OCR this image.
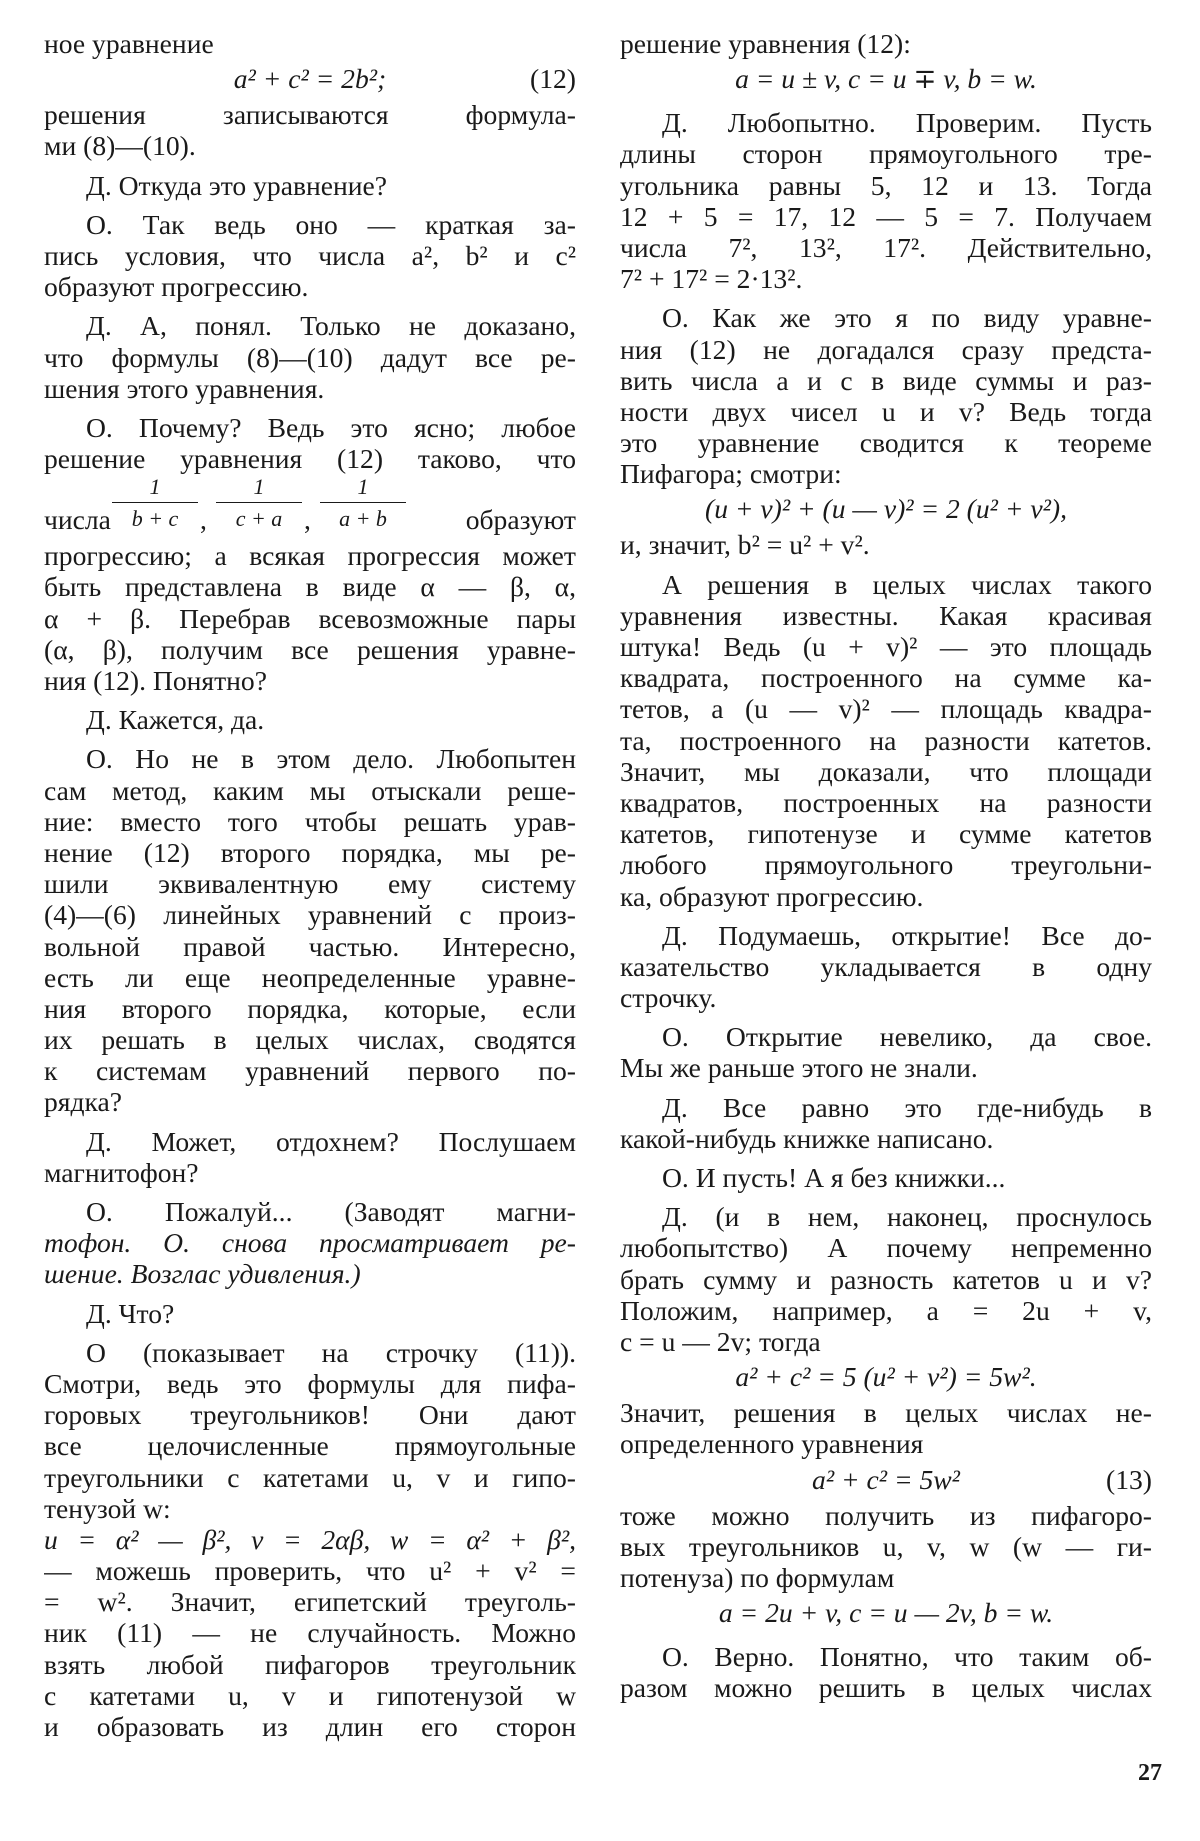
ное уравнение
a² + c² = 2b²;	(12)
решения записываются формула-
ми (8)—(10).
Д. Откуда это уравнение?
О. Так ведь оно — краткая за-
пись условия, что числа a², b² и c²
образуют прогрессию.
Д. А, понял. Только не доказано,
что формулы (8)—(10) дадут все ре-
шения этого уравнения.
О. Почему? Ведь это ясно; любое
решение уравнения (12) таково, что
числа $\frac{1}{b + c}$ , $\frac{1}{c + a}$ , $\frac{1}{a + b}$ образуют
прогрессию; а всякая прогрессия может
быть представлена в виде α — β, α,
α + β. Перебрав всевозможные пары
(α, β), получим все решения уравне-
ния (12). Понятно?
Д. Кажется, да.
О. Но не в этом дело. Любопытен
сам метод, каким мы отыскали реше-
ние: вместо того чтобы решать урав-
нение (12) второго порядка, мы ре-
шили эквивалентную ему систему
(4)—(6) линейных уравнений с произ-
вольной правой частью. Интересно,
есть ли еще неопределенные уравне-
ния второго порядка, которые, если
их решать в целых числах, сводятся
к системам уравнений первого по-
рядка?
Д. Может, отдохнем? Послушаем
магнитофон?
О. Пожалуй... (Заводят магни-
тофон. О. снова просматривает ре-
шение. Возглас удивления.)
Д. Что?
О (показывает на строчку (11)).
Смотри, ведь это формулы для пифа-
горовых треугольников! Они дают
все целочисленные прямоугольные
треугольники с катетами u, v и гипо-
тенузой w:
u = α² — β², v = 2αβ, w = α² + β²,
— можешь проверить, что u² + v² =
= w². Значит, египетский треуголь-
ник (11) — не случайность. Можно
взять любой пифагоров треугольник
с катетами u, v и гипотенузой w
и образовать из длин его сторон
решение уравнения (12):
a = u ± v, c = u ∓ v, b = w.
Д. Любопытно. Проверим. Пусть
длины сторон прямоугольного тре-
угольника равны 5, 12 и 13. Тогда
12 + 5 = 17, 12 — 5 = 7. Получаем
числа 7², 13², 17². Действительно,
7² + 17² = 2·13².
О. Как же это я по виду уравне-
ния (12) не догадался сразу предста-
вить числа a и c в виде суммы и раз-
ности двух чисел u и v? Ведь тогда
это уравнение сводится к теореме
Пифагора; смотри:
(u + v)² + (u — v)² = 2 (u² + v²),
и, значит, b² = u² + v².
А решения в целых числах такого
уравнения известны. Какая красивая
штука! Ведь (u + v)² — это площадь
квадрата, построенного на сумме ка-
тетов, а (u — v)² — площадь квадра-
та, построенного на разности катетов.
Значит, мы доказали, что площади
квадратов, построенных на разности
катетов, гипотенузе и сумме катетов
любого прямоугольного треугольни-
ка, образуют прогрессию.
Д. Подумаешь, открытие! Все до-
казательство укладывается в одну
строчку.
О. Открытие невелико, да свое.
Мы же раньше этого не знали.
Д. Все равно это где-нибудь в
какой-нибудь книжке написано.
О. И пусть! А я без книжки...
Д. (и в нем, наконец, проснулось
любопытство) А почему непременно
брать сумму и разность катетов u и v?
Положим, например, a = 2u + v,
c = u — 2v; тогда
a² + c² = 5 (u² + v²) = 5w².
Значит, решения в целых числах не-
определенного уравнения
a² + c² = 5w²	(13)
тоже можно получить из пифагоро-
вых треугольников u, v, w (w — ги-
потенуза) по формулам
a = 2u + v, c = u — 2v, b = w.
О. Верно. Понятно, что таким об-
разом можно решить в целых числах
27
